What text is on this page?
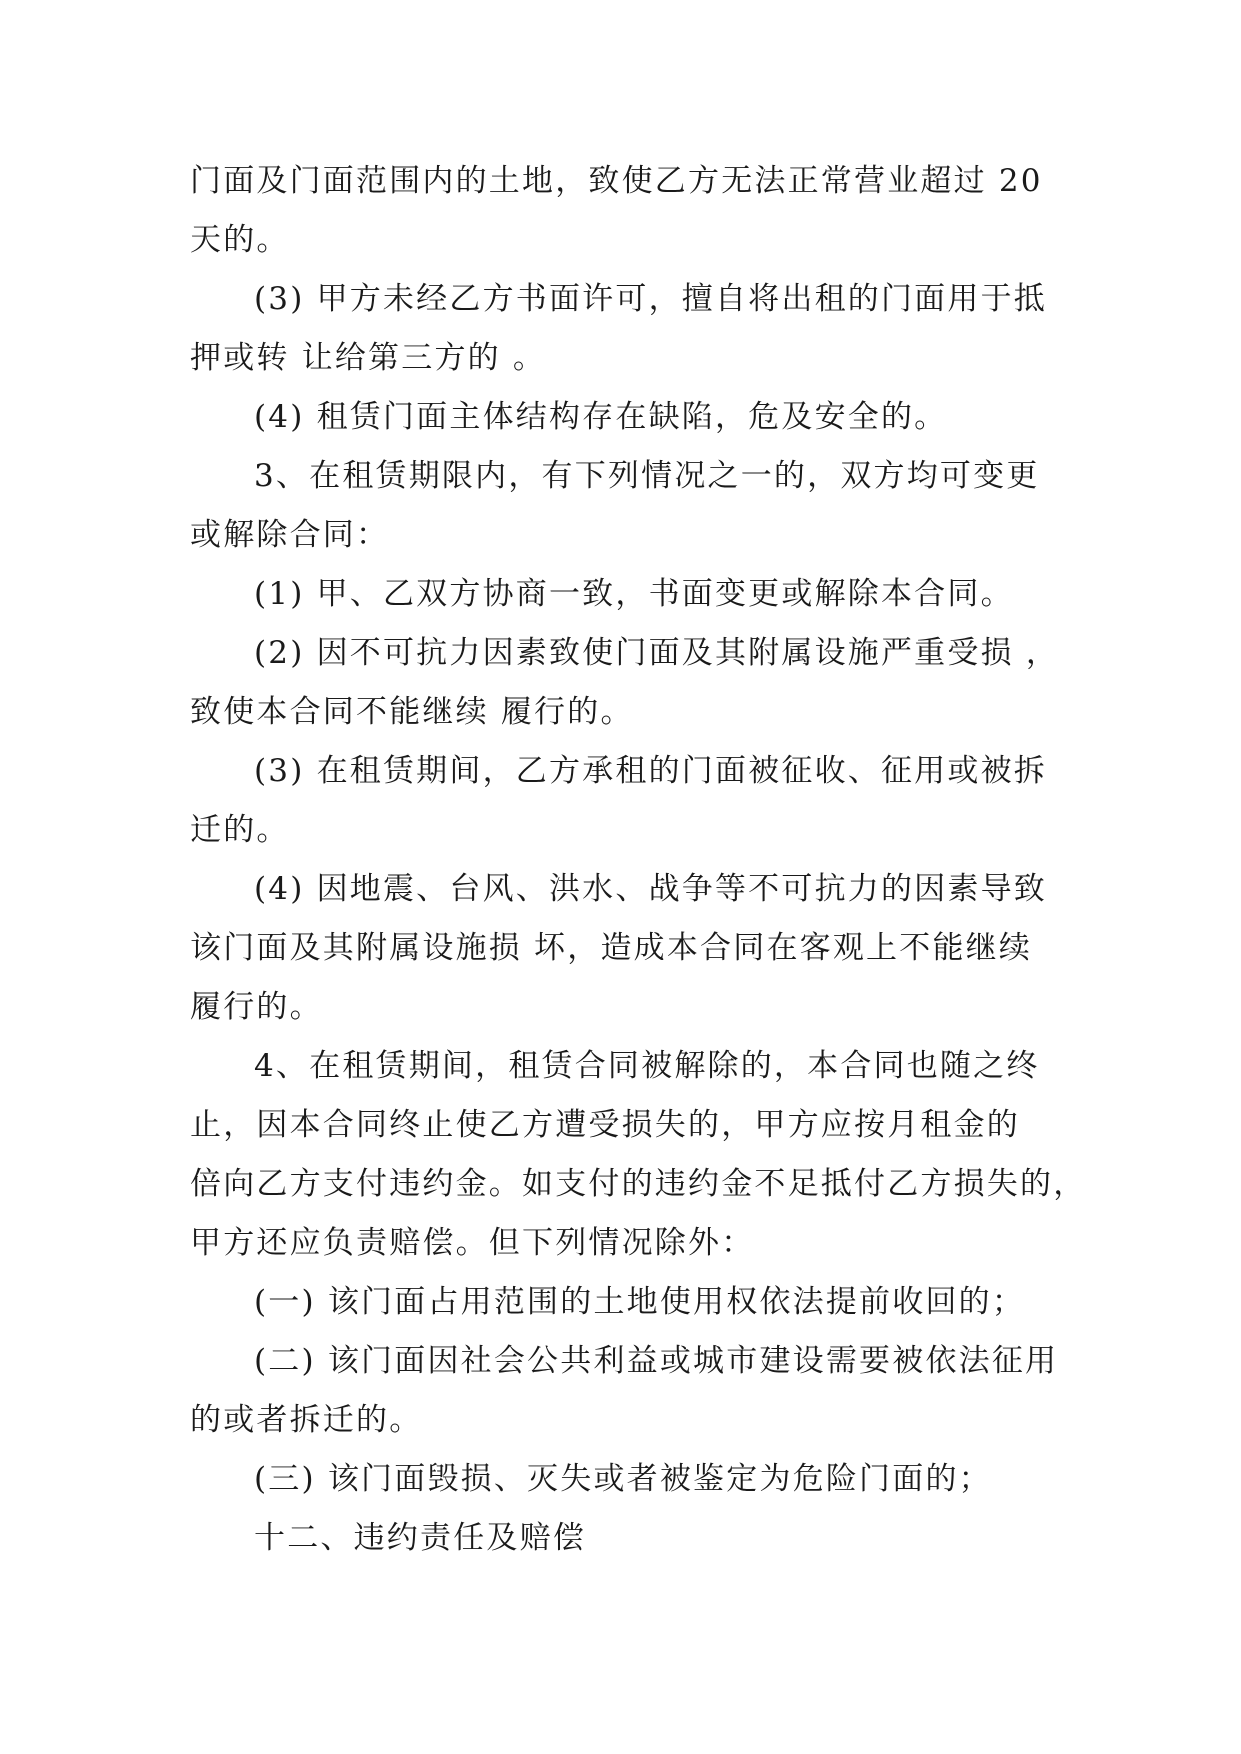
门面及门面范围内的土地，致使乙方无法正常营业超过 20
天的。
(3) 甲方未经乙方书面许可，擅自将出租的门面用于抵
押或转 让给第三方的 。
(4) 租赁门面主体结构存在缺陷，危及安全的。
3、在租赁期限内，有下列情况之一的，双方均可变更
或解除合同：
(1) 甲、乙双方协商一致，书面变更或解除本合同。
(2) 因不可抗力因素致使门面及其附属设施严重受损 ，
致使本合同不能继续 履行的。
(3) 在租赁期间，乙方承租的门面被征收、征用或被拆
迁的。
(4) 因地震、台风、洪水、战争等不可抗力的因素导致
该门面及其附属设施损 坏，造成本合同在客观上不能继续
履行的。
4、在租赁期间，租赁合同被解除的，本合同也随之终
止，因本合同终止使乙方遭受损失的，甲方应按月租金的
倍向乙方支付违约金。如支付的违约金不足抵付乙方损失的，
甲方还应负责赔偿。但下列情况除外：
(一) 该门面占用范围的土地使用权依法提前收回的；
(二) 该门面因社会公共利益或城市建设需要被依法征用
的或者拆迁的。
(三) 该门面毁损、灭失或者被鉴定为危险门面的；
十二、违约责任及赔偿
